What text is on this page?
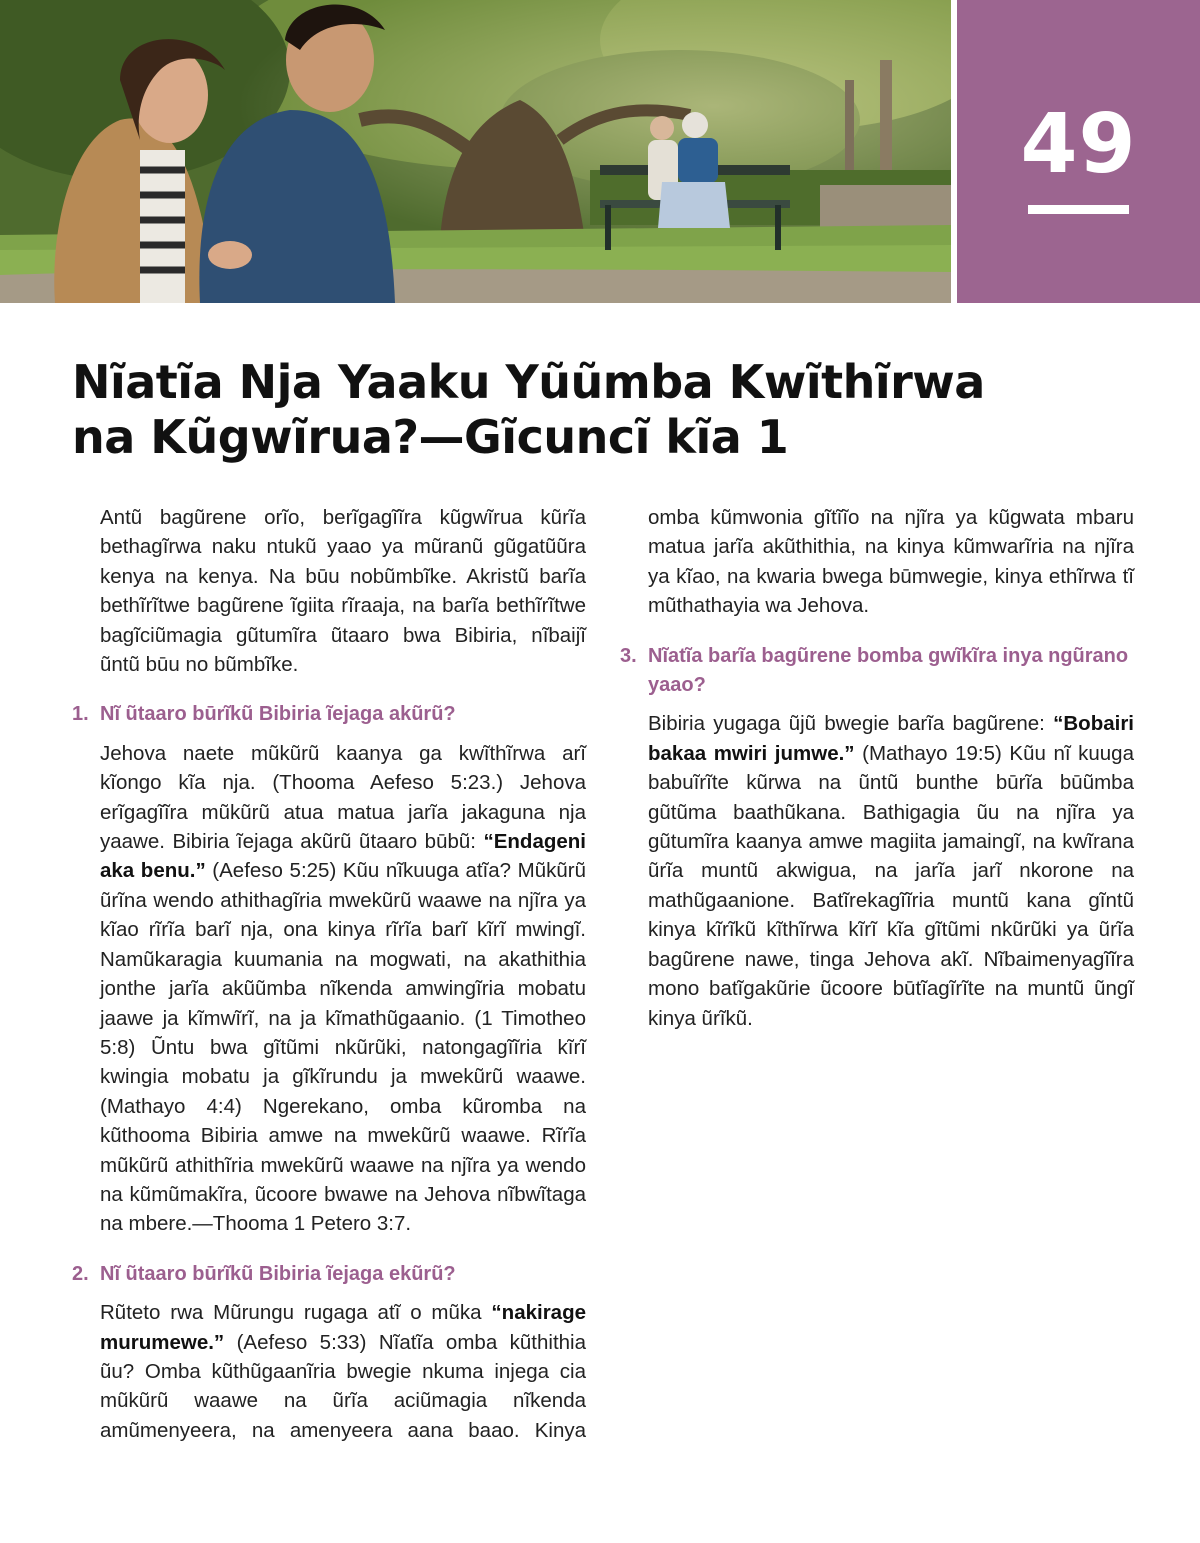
49
Nĩatĩa Nja Yaaku Yũũmba Kwĩthĩrwa
na Kũgwĩrua?—Gĩcuncĩ kĩa 1

Antũ bagũrene orĩo, berĩgagĩĩra kũgwĩrua kũrĩa bethagĩrwa naku ntukũ yaao ya mũranũ gũgatũũra kenya na kenya. Na būu nobũmbĩke. Akristũ barĩa bethĩrĩtwe bagũrene ĩgiita rĩraaja, na barĩa bethĩrĩtwe bagĩciũmagia gũtumĩra ũtaaro bwa Bibiria, nĩbaijĩ ũntũ būu no bũmbĩke.

1. Nĩ ũtaaro būrĩkũ Bibiria ĩejaga akũrũ?

Jehova naete mũkũrũ kaanya ga kwĩthĩrwa arĩ kĩongo kĩa nja. (Thooma Aefeso 5:23.) Jehova erĩgagĩĩra mũkũrũ atua matua jarĩa jakaguna nja yaawe. Bibiria ĩejaga akũrũ ũtaaro būbũ: “Endageni aka benu.” (Aefeso 5:25) Kũu nĩkuuga atĩa? Mũkũrũ ũrĩna wendo athithagĩria mwekũrũ waawe na njĩra ya kĩao rĩrĩa barĩ nja, ona kinya rĩrĩa barĩ kĩrĩ mwingĩ. Namũkaragia kuumania na mogwati, na akathithia jonthe jarĩa akũũmba nĩkenda amwingĩria mobatu jaawe ja kĩmwĩrĩ, na ja kĩmathũgaanio. (1 Timotheo 5:8) Ũntu bwa gĩtũmi nkũrũki, natongagĩĩria kĩrĩ kwingia mobatu ja gĩkĩrundu ja mwekũrũ waawe. (Mathayo 4:4) Ngerekano, omba kũromba na kũthooma Bibiria amwe na mwekũrũ waawe. Rĩrĩa mũkũrũ athithĩria mwekũrũ waawe na njĩra ya wendo na kũmũmakĩra, ũcoore bwawe na Jehova nĩbwĩtaga na mbere.—Thooma 1 Petero 3:7.

2. Nĩ ũtaaro būrĩkũ Bibiria ĩejaga ekũrũ?

Rũteto rwa Mũrungu rugaga atĩ o mũka “nakirage murumewe.” (Aefeso 5:33) Nĩatĩa omba kũthithia ũu? Omba kũthũgaanĩria bwegie nkuma injega cia mũkũrũ waawe na ũrĩa aciũmagia nĩkenda amũmenyeera, na amenyeera aana baao. Kinya

omba kũmwonia gĩtĩĩo na njĩra ya kũgwata mbaru matua jarĩa akũthithia, na kinya kũmwarĩria na njĩra ya kĩao, na kwaria bwega būmwegie, kinya ethĩrwa tĩ mũthathayia wa Jehova.

3. Nĩatĩa barĩa bagũrene bomba gwĩkĩra inya ngũrano yaao?

Bibiria yugaga ũjũ bwegie barĩa bagũrene: “Bobairi bakaa mwiri jumwe.” (Mathayo 19:5) Kũu nĩ kuuga babuĩrĩte kũrwa na ũntũ bunthe būrĩa būũmba gũtũma baathũkana. Bathigagia ũu na njĩra ya gũtumĩra kaanya amwe magiita jamaingĩ, na kwĩrana ũrĩa muntũ akwigua, na jarĩa jarĩ nkorone na mathũgaanione. Batĩrekagĩĩria muntũ kana gĩntũ kinya kĩrĩkũ kĩthĩrwa kĩrĩ kĩa gĩtũmi nkũrũki ya ũrĩa bagũrene nawe, tinga Jehova akĩ. Nĩbaimenyagĩĩra mono batĩgakũrie ũcoore būtĩagĩrĩte na muntũ ũngĩ kinya ũrĩkũ.
